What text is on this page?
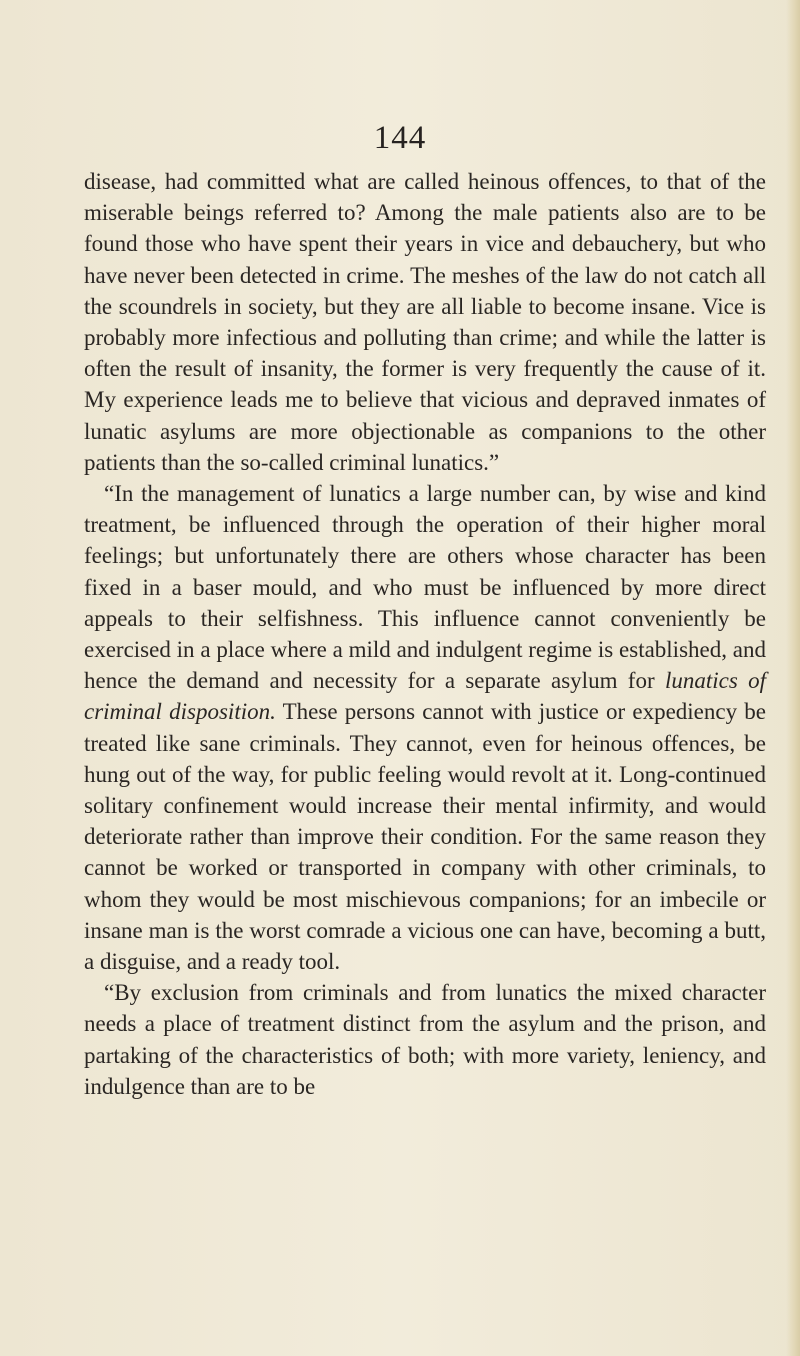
144

disease, had committed what are called heinous offences, to that of the miserable beings referred to? Among the male patients also are to be found those who have spent their years in vice and debauchery, but who have never been detected in crime. The meshes of the law do not catch all the scoundrels in society, but they are all liable to become insane. Vice is probably more infectious and polluting than crime; and while the latter is often the result of insanity, the former is very frequently the cause of it. My experience leads me to believe that vicious and depraved inmates of lunatic asylums are more objectionable as companions to the other patients than the so-called criminal lunatics.”

“In the management of lunatics a large number can, by wise and kind treatment, be influenced through the operation of their higher moral feelings; but unfortunately there are others whose character has been fixed in a baser mould, and who must be influenced by more direct appeals to their selfishness. This influence cannot conveniently be exercised in a place where a mild and indulgent regime is established, and hence the demand and necessity for a separate asylum for lunatics of criminal disposition. These persons cannot with justice or expediency be treated like sane criminals. They cannot, even for heinous offences, be hung out of the way, for public feeling would revolt at it. Long-continued solitary confinement would increase their mental infirmity, and would deteriorate rather than improve their condition. For the same reason they cannot be worked or transported in company with other criminals, to whom they would be most mischievous companions; for an imbecile or insane man is the worst comrade a vicious one can have, becoming a butt, a disguise, and a ready tool.

“By exclusion from criminals and from lunatics the mixed character needs a place of treatment distinct from the asylum and the prison, and partaking of the characteristics of both; with more variety, leniency, and indulgence than are to be
